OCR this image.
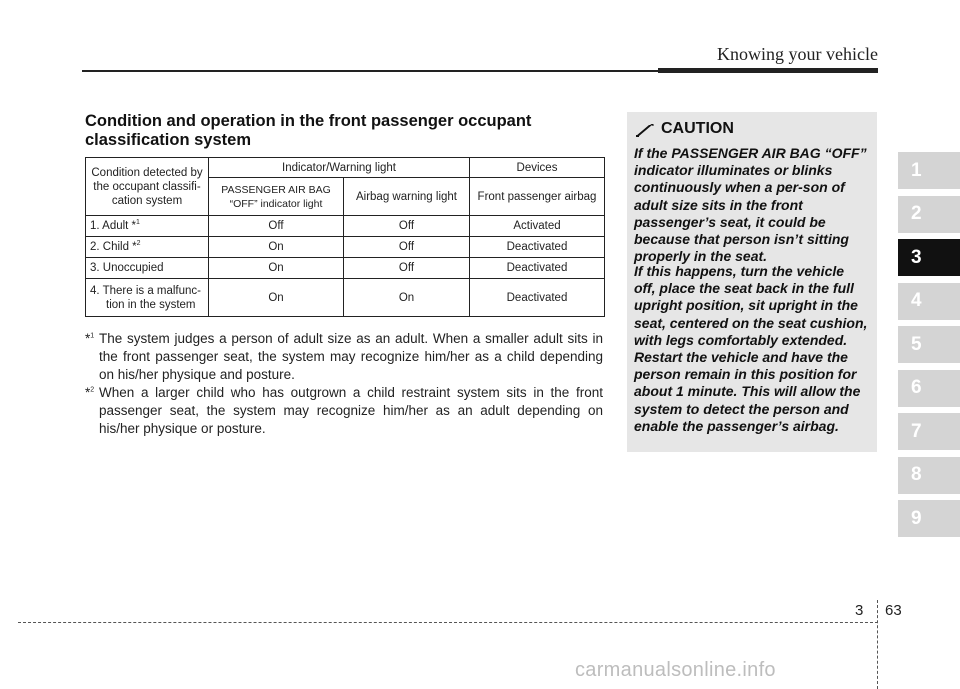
Knowing your vehicle
Condition and operation in the front passenger occupant classification system
Condition detected by the occupant classifi-cation system	Indicator/Warning light		Devices
	PASSENGER AIR BAG
“OFF” indicator light	Airbag warning light	Front passenger airbag
1. Adult *$^1$	Off	Off	Activated
2. Child *$^2$	On	Off	Deactivated
3. Unoccupied	On	Off	Deactivated
4. There is a malfunc-
tion in the system	On	On	Deactivated
*$^1$ The system judges a person of adult size as an adult. When a smaller adult sits in the front passenger seat, the system may recognize him/her as a child depending on his/her physique and posture.
*$^2$ When a larger child who has outgrown a child restraint system sits in the front passenger seat, the system may recognize him/her as an adult depending on his/her physique or posture.
CAUTION
If the PASSENGER AIR BAG “OFF” indicator illuminates or blinks continuously when a per-son of adult size sits in the front passenger’s seat, it could be because that person isn’t sitting properly in the seat.
If this happens, turn the vehicle off, place the seat back in the full upright position, sit upright in the seat, centered on the seat cushion, with legs comfortably extended. Restart the vehicle and have the person remain in this position for about 1 minute. This will allow the system to detect the person and enable the passenger’s airbag.
1
2
3
4
5
6
7
8
9
3 63
carmanualsonline.info
